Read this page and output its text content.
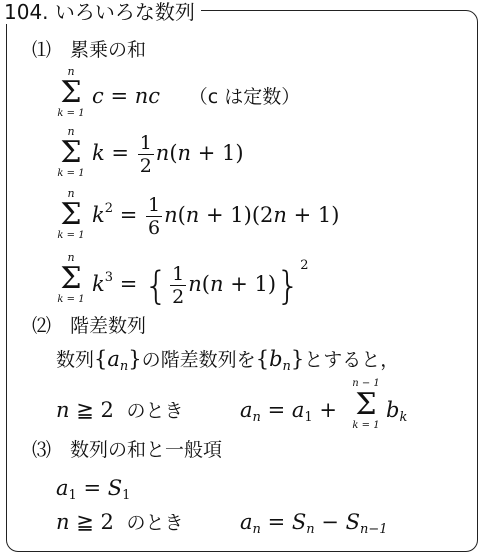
104. いろいろな数列
⑴　累乗の和
n
Σ
k = 1
c = nc （c は定数）
n
Σ
k = 1
$k = \frac{1}{2} n(n + 1)$
n
Σ
k = 1
$k^2 = \frac{1}{6} n(n + 1)(2n + 1)$
n
Σ
k = 1
$k^3$ = { $\frac{1}{2} n(n + 1)\}^2$
⑵　階差数列
数列$\{a_n\}$の階差数列を$\{b_n\}$とすると，
n ≧ 2 のとき	$a_n = a_1$ +
n − 1
Σ
k = 1
$b_k$
⑶　数列の和と一般項
$a_1 = S_1$
n ≧ 2 のとき	$a_n = S_n - S_{n-1}$
